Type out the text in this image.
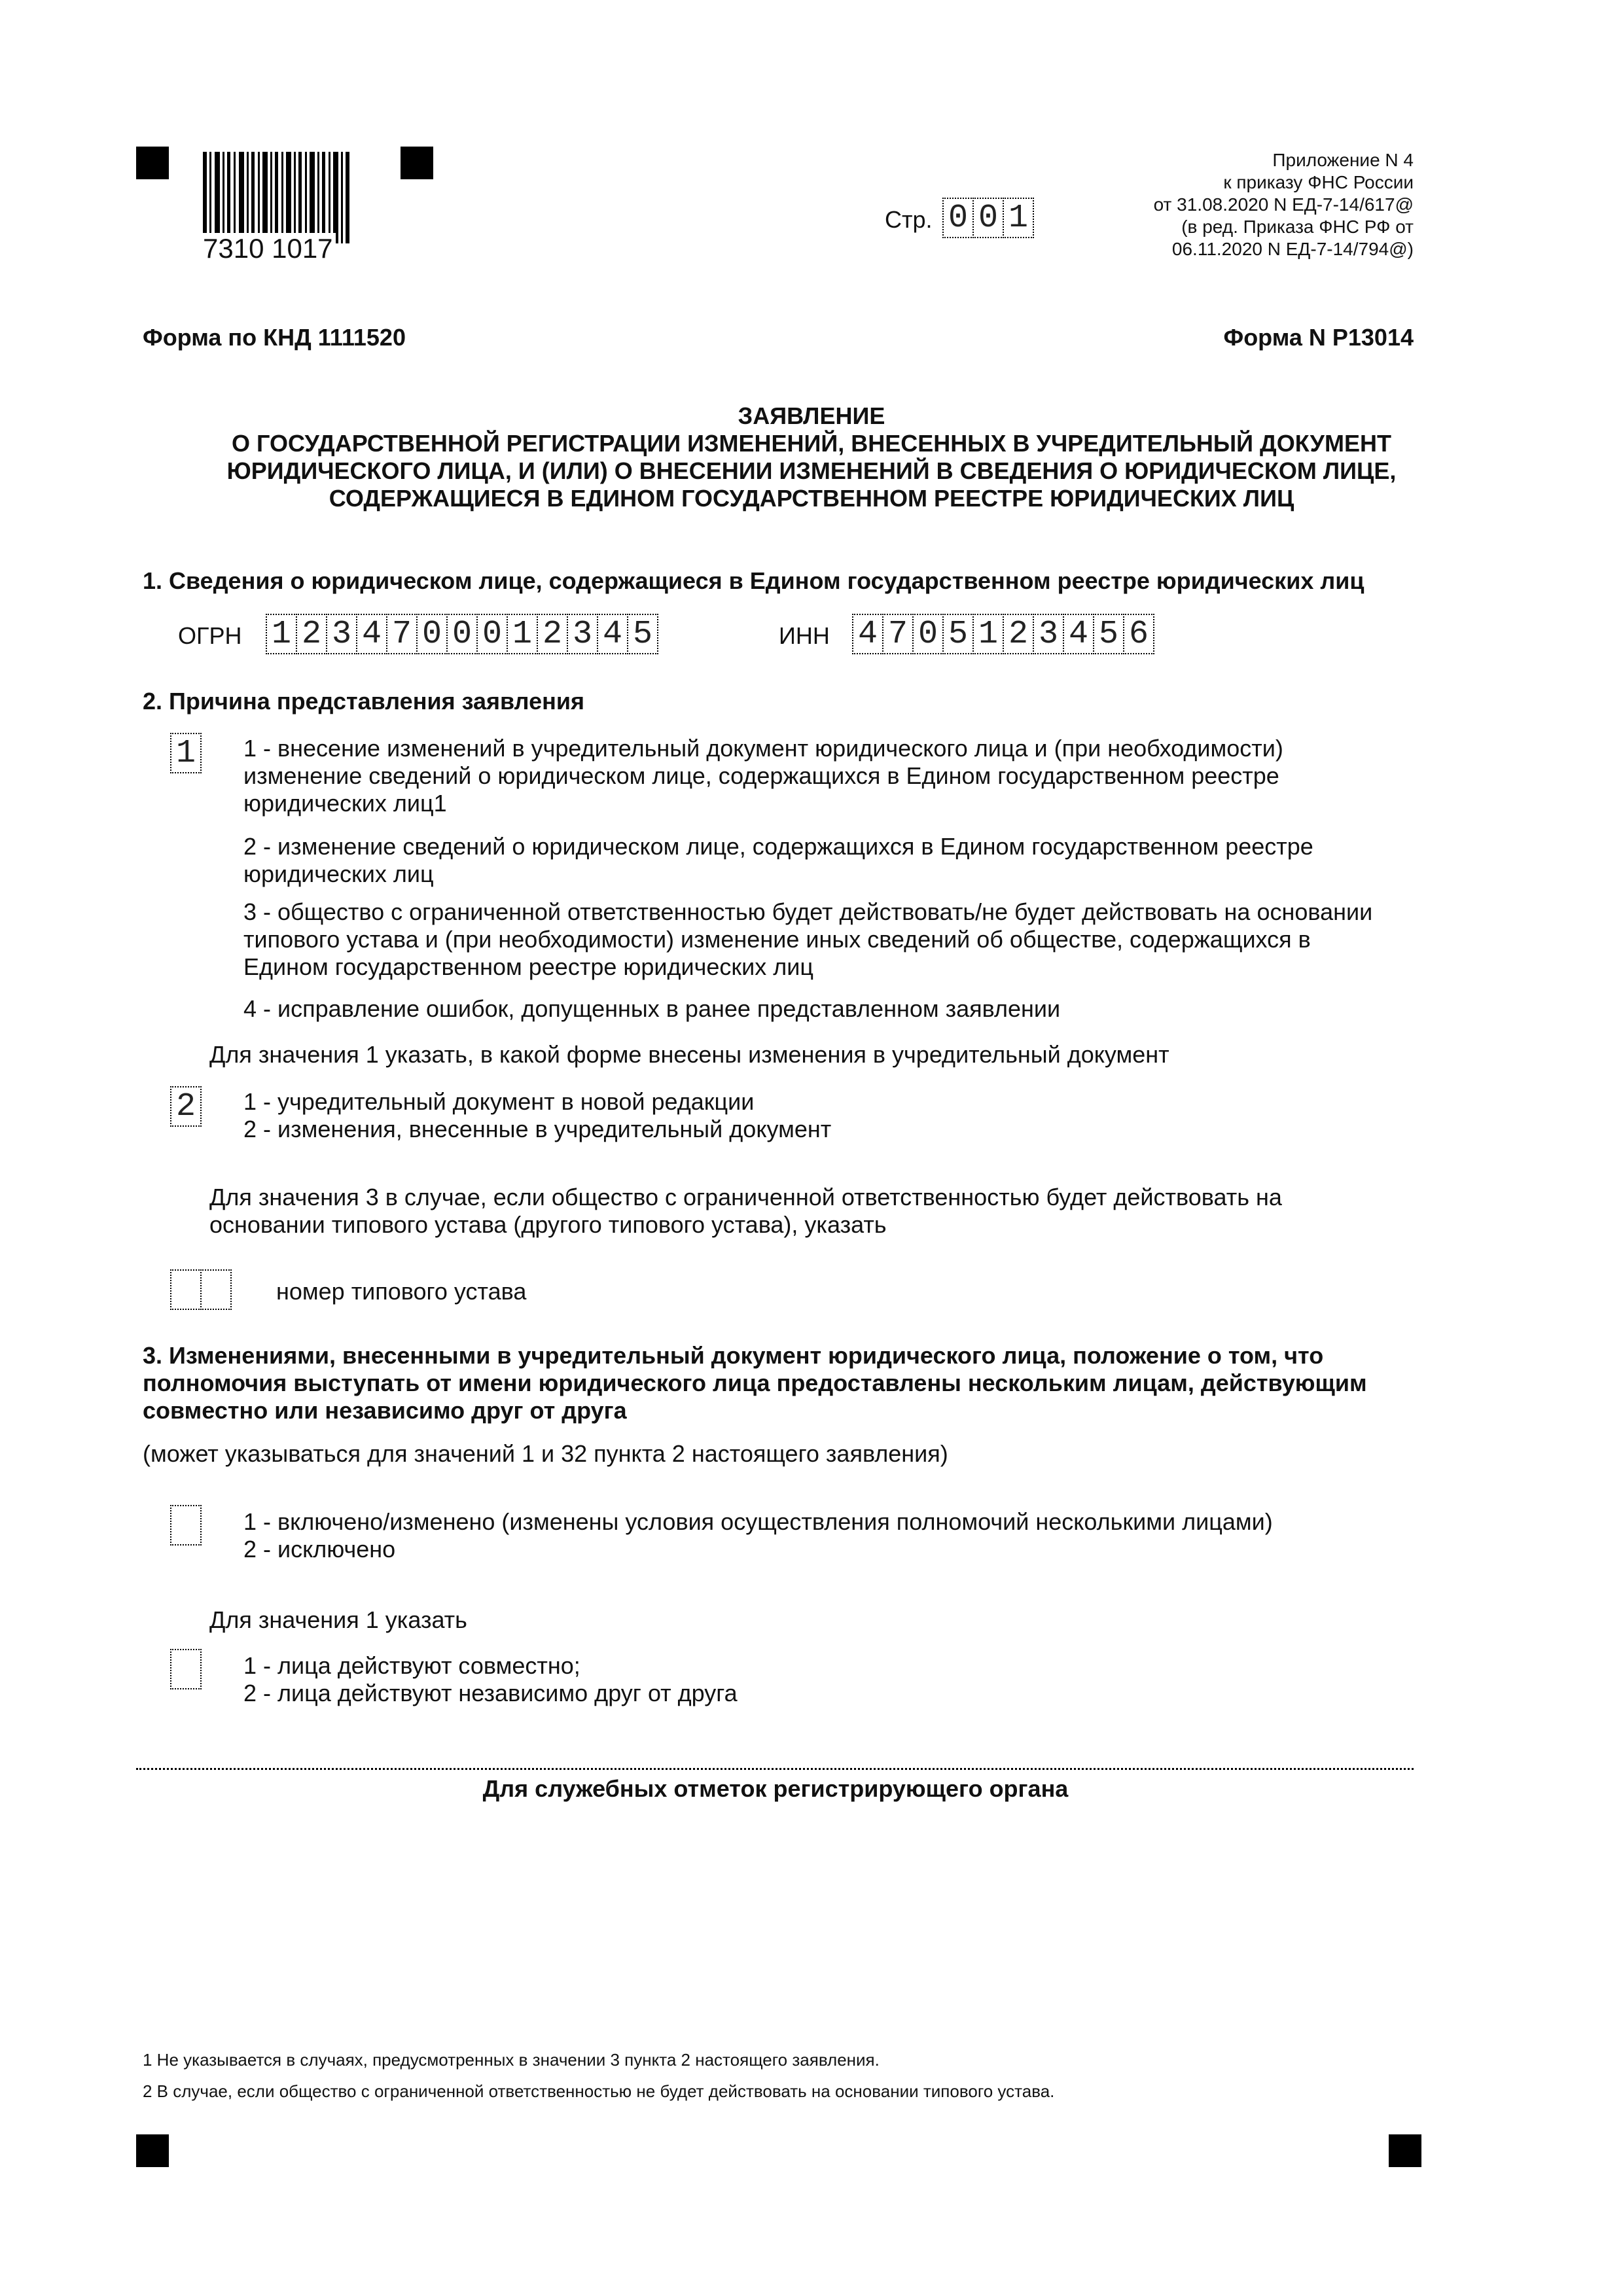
7310 1017
Стр. 0 0 1
Приложение N 4
к приказу ФНС России
от 31.08.2020 N ЕД-7-14/617@
(в ред. Приказа ФНС РФ от
06.11.2020 N ЕД-7-14/794@)
Форма по КНД 1111520	Форма N Р13014
ЗАЯВЛЕНИЕ
О ГОСУДАРСТВЕННОЙ РЕГИСТРАЦИИ ИЗМЕНЕНИЙ, ВНЕСЕННЫХ В УЧРЕДИТЕЛЬНЫЙ ДОКУМЕНТ
ЮРИДИЧЕСКОГО ЛИЦА, И (ИЛИ) О ВНЕСЕНИИ ИЗМЕНЕНИЙ В СВЕДЕНИЯ О ЮРИДИЧЕСКОМ ЛИЦЕ,
СОДЕРЖАЩИЕСЯ В ЕДИНОМ ГОСУДАРСТВЕННОМ РЕЕСТРЕ ЮРИДИЧЕСКИХ ЛИЦ
1. Сведения о юридическом лице, содержащиеся в Едином государственном реестре юридических лиц
ОГРН 1 2 3 4 7 0 0 0 1 2 3 4 5	ИНН 4 7 0 5 1 2 3 4 5 6
2. Причина представления заявления
1 1 - внесение изменений в учредительный документ юридического лица и (при необходимости)
изменение сведений о юридическом лице, содержащихся в Едином государственном реестре
юридических лиц1
2 - изменение сведений о юридическом лице, содержащихся в Едином государственном реестре
юридических лиц
3 - общество с ограниченной ответственностью будет действовать/не будет действовать на основании
типового устава и (при необходимости) изменение иных сведений об обществе, содержащихся в
Едином государственном реестре юридических лиц
4 - исправление ошибок, допущенных в ранее представленном заявлении
Для значения 1 указать, в какой форме внесены изменения в учредительный документ
2 1 - учредительный документ в новой редакции
2 - изменения, внесенные в учредительный документ
Для значения 3 в случае, если общество с ограниченной ответственностью будет действовать на
основании типового устава (другого типового устава), указать
номер типового устава
3. Изменениями, внесенными в учредительный документ юридического лица, положение о том, что
полномочия выступать от имени юридического лица предоставлены нескольким лицам, действующим
совместно или независимо друг от друга
(может указываться для значений 1 и 32 пункта 2 настоящего заявления)
1 - включено/изменено (изменены условия осуществления полномочий несколькими лицами)
2 - исключено
Для значения 1 указать
1 - лица действуют совместно;
2 - лица действуют независимо друг от друга
Для служебных отметок регистрирующего органа
1 Не указывается в случаях, предусмотренных в значении 3 пункта 2 настоящего заявления.
2 В случае, если общество с ограниченной ответственностью не будет действовать на основании типового устава.
